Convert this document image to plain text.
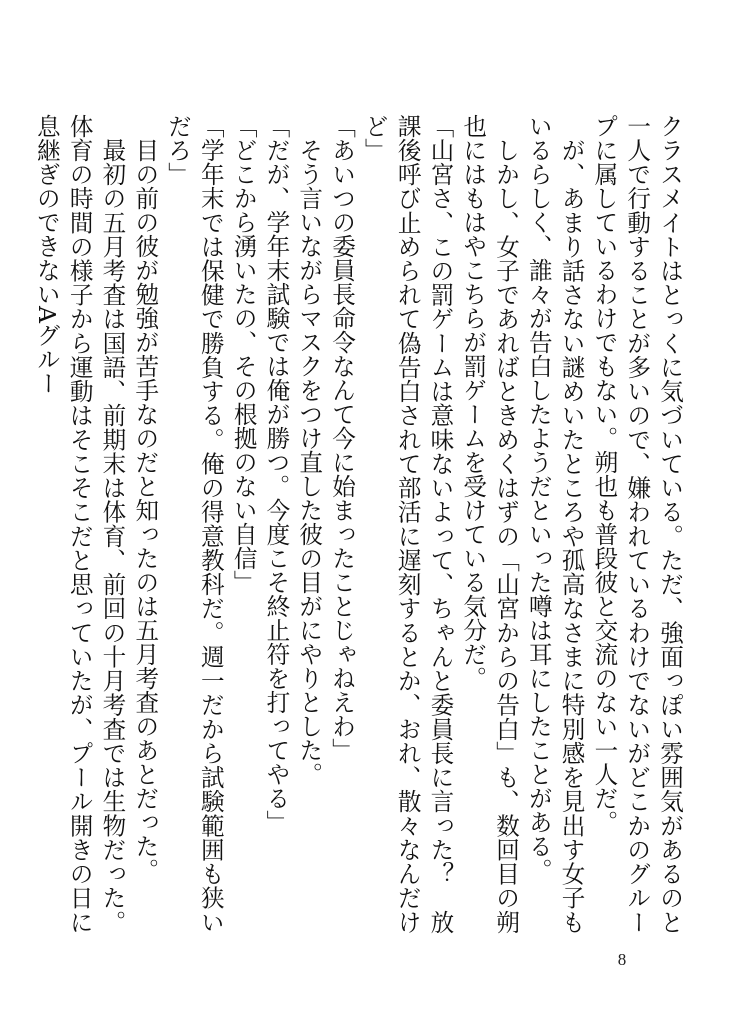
クラスメイトはとっくに気づいている。ただ、強面っぽい雰囲気があるのと一人で行動することが多いので、嫌われているわけでないがどこかのグループに属しているわけでもない。朔也も普段彼と交流のない一人だ。

　が、あまり話さない謎めいたところや孤高なさまに特別感を見出す女子もいるらしく、誰々が告白したようだといった噂は耳にしたことがある。

　しかし、女子であればときめくはずの「山宮からの告白」も、数回目の朔也にはもはやこちらが罰ゲームを受けている気分だ。

「山宮さ、この罰ゲームは意味ないよって、ちゃんと委員長に言った？　放課後呼び止められて偽告白されて部活に遅刻するとか、おれ、散々なんだけど」

「あいつの委員長命令なんて今に始まったことじゃねえわ」

　そう言いながらマスクをつけ直した彼の目がにやりとした。

「だが、学年末試験では俺が勝つ。今度こそ終止符を打ってやる」

「どこから湧いたの、その根拠のない自信」

「学年末では保健で勝負する。俺の得意教科だ。週一だから試験範囲も狭いだろ」

　目の前の彼が勉強が苦手なのだと知ったのは五月考査のあとだった。

　最初の五月考査は国語、前期末は体育、前回の十月考査では生物だった。体育の時間の様子から運動はそこそこだと思っていたが、プール開きの日に息継ぎのできないAグルー

8
